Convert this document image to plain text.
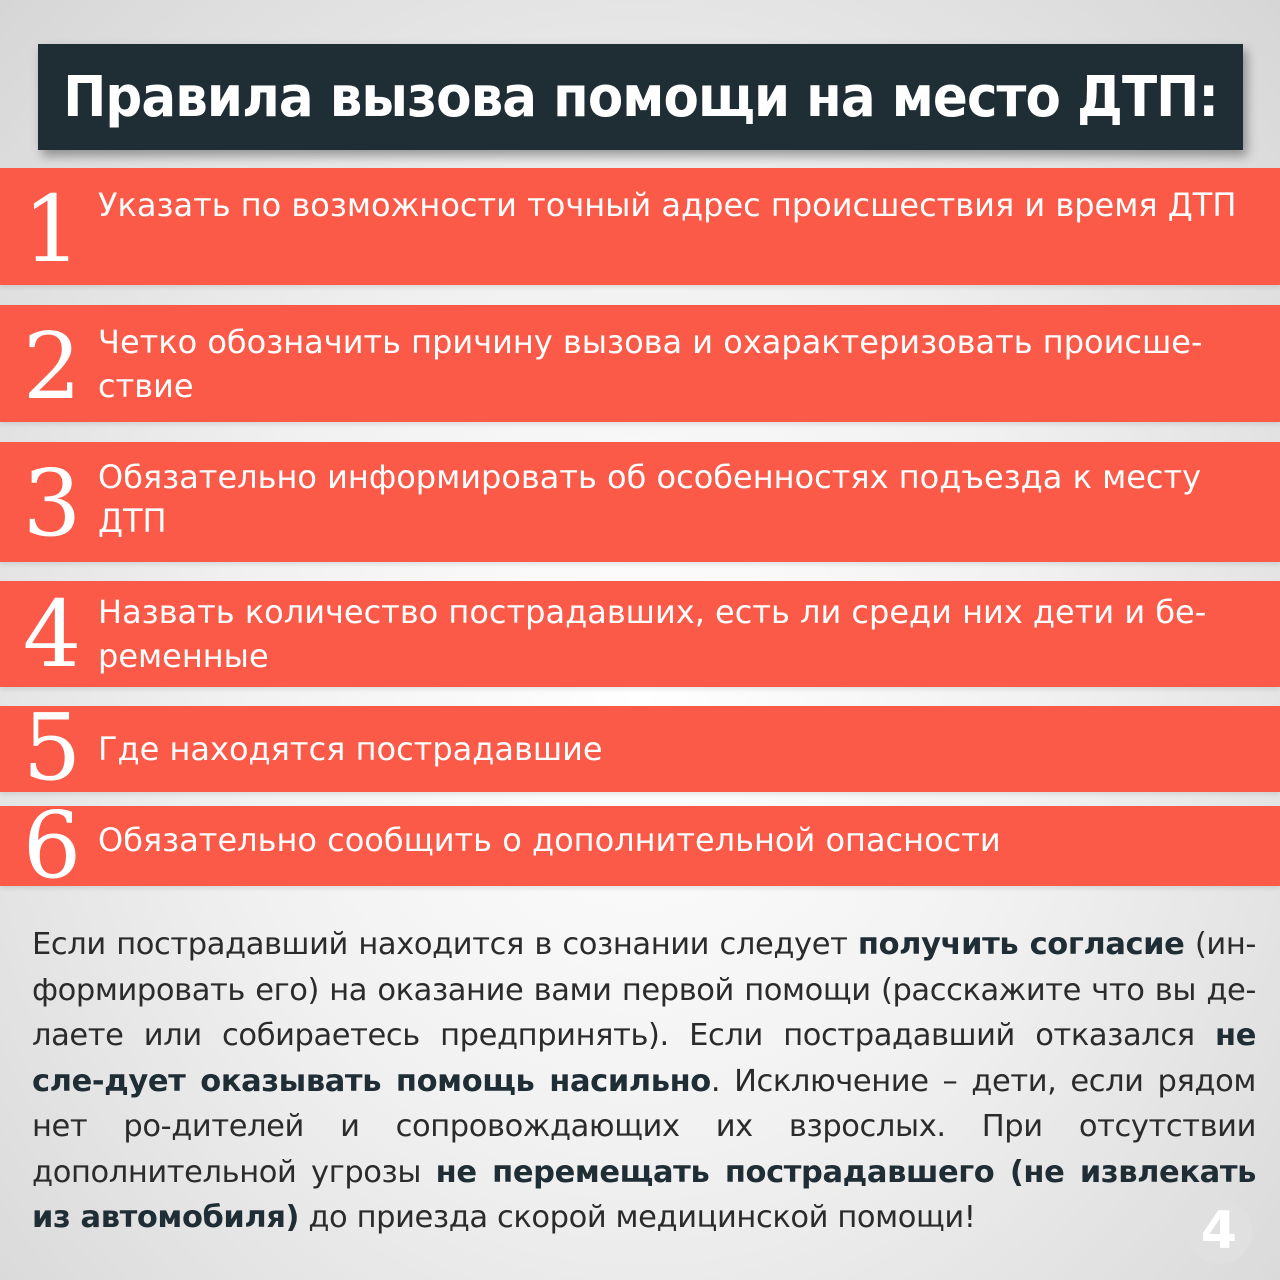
Правила вызова помощи на место ДТП:
1 Указать по возможности точный адрес происшествия и время ДТП
2 Четко обозначить причину вызова и охарактеризовать происше-ствие
3 Обязательно информировать об особенностях подъезда к месту ДТП
4 Назвать количество пострадавших, есть ли среди них дети и бе-ременные
5 Где находятся пострадавшие
6 Обязательно сообщить о дополнительной опасности
Если пострадавший находится в сознании следует получить согласие (ин-формировать его) на оказание вами первой помощи (расскажите что вы де-лаете или собираетесь предпринять). Если пострадавший отказался не сле-дует оказывать помощь насильно. Исключение – дети, если рядом нет ро-дителей и сопровождающих их взрослых. При отсутствии дополнительной угрозы не перемещать пострадавшего (не извлекать из автомобиля) до приезда скорой медицинской помощи!	4
